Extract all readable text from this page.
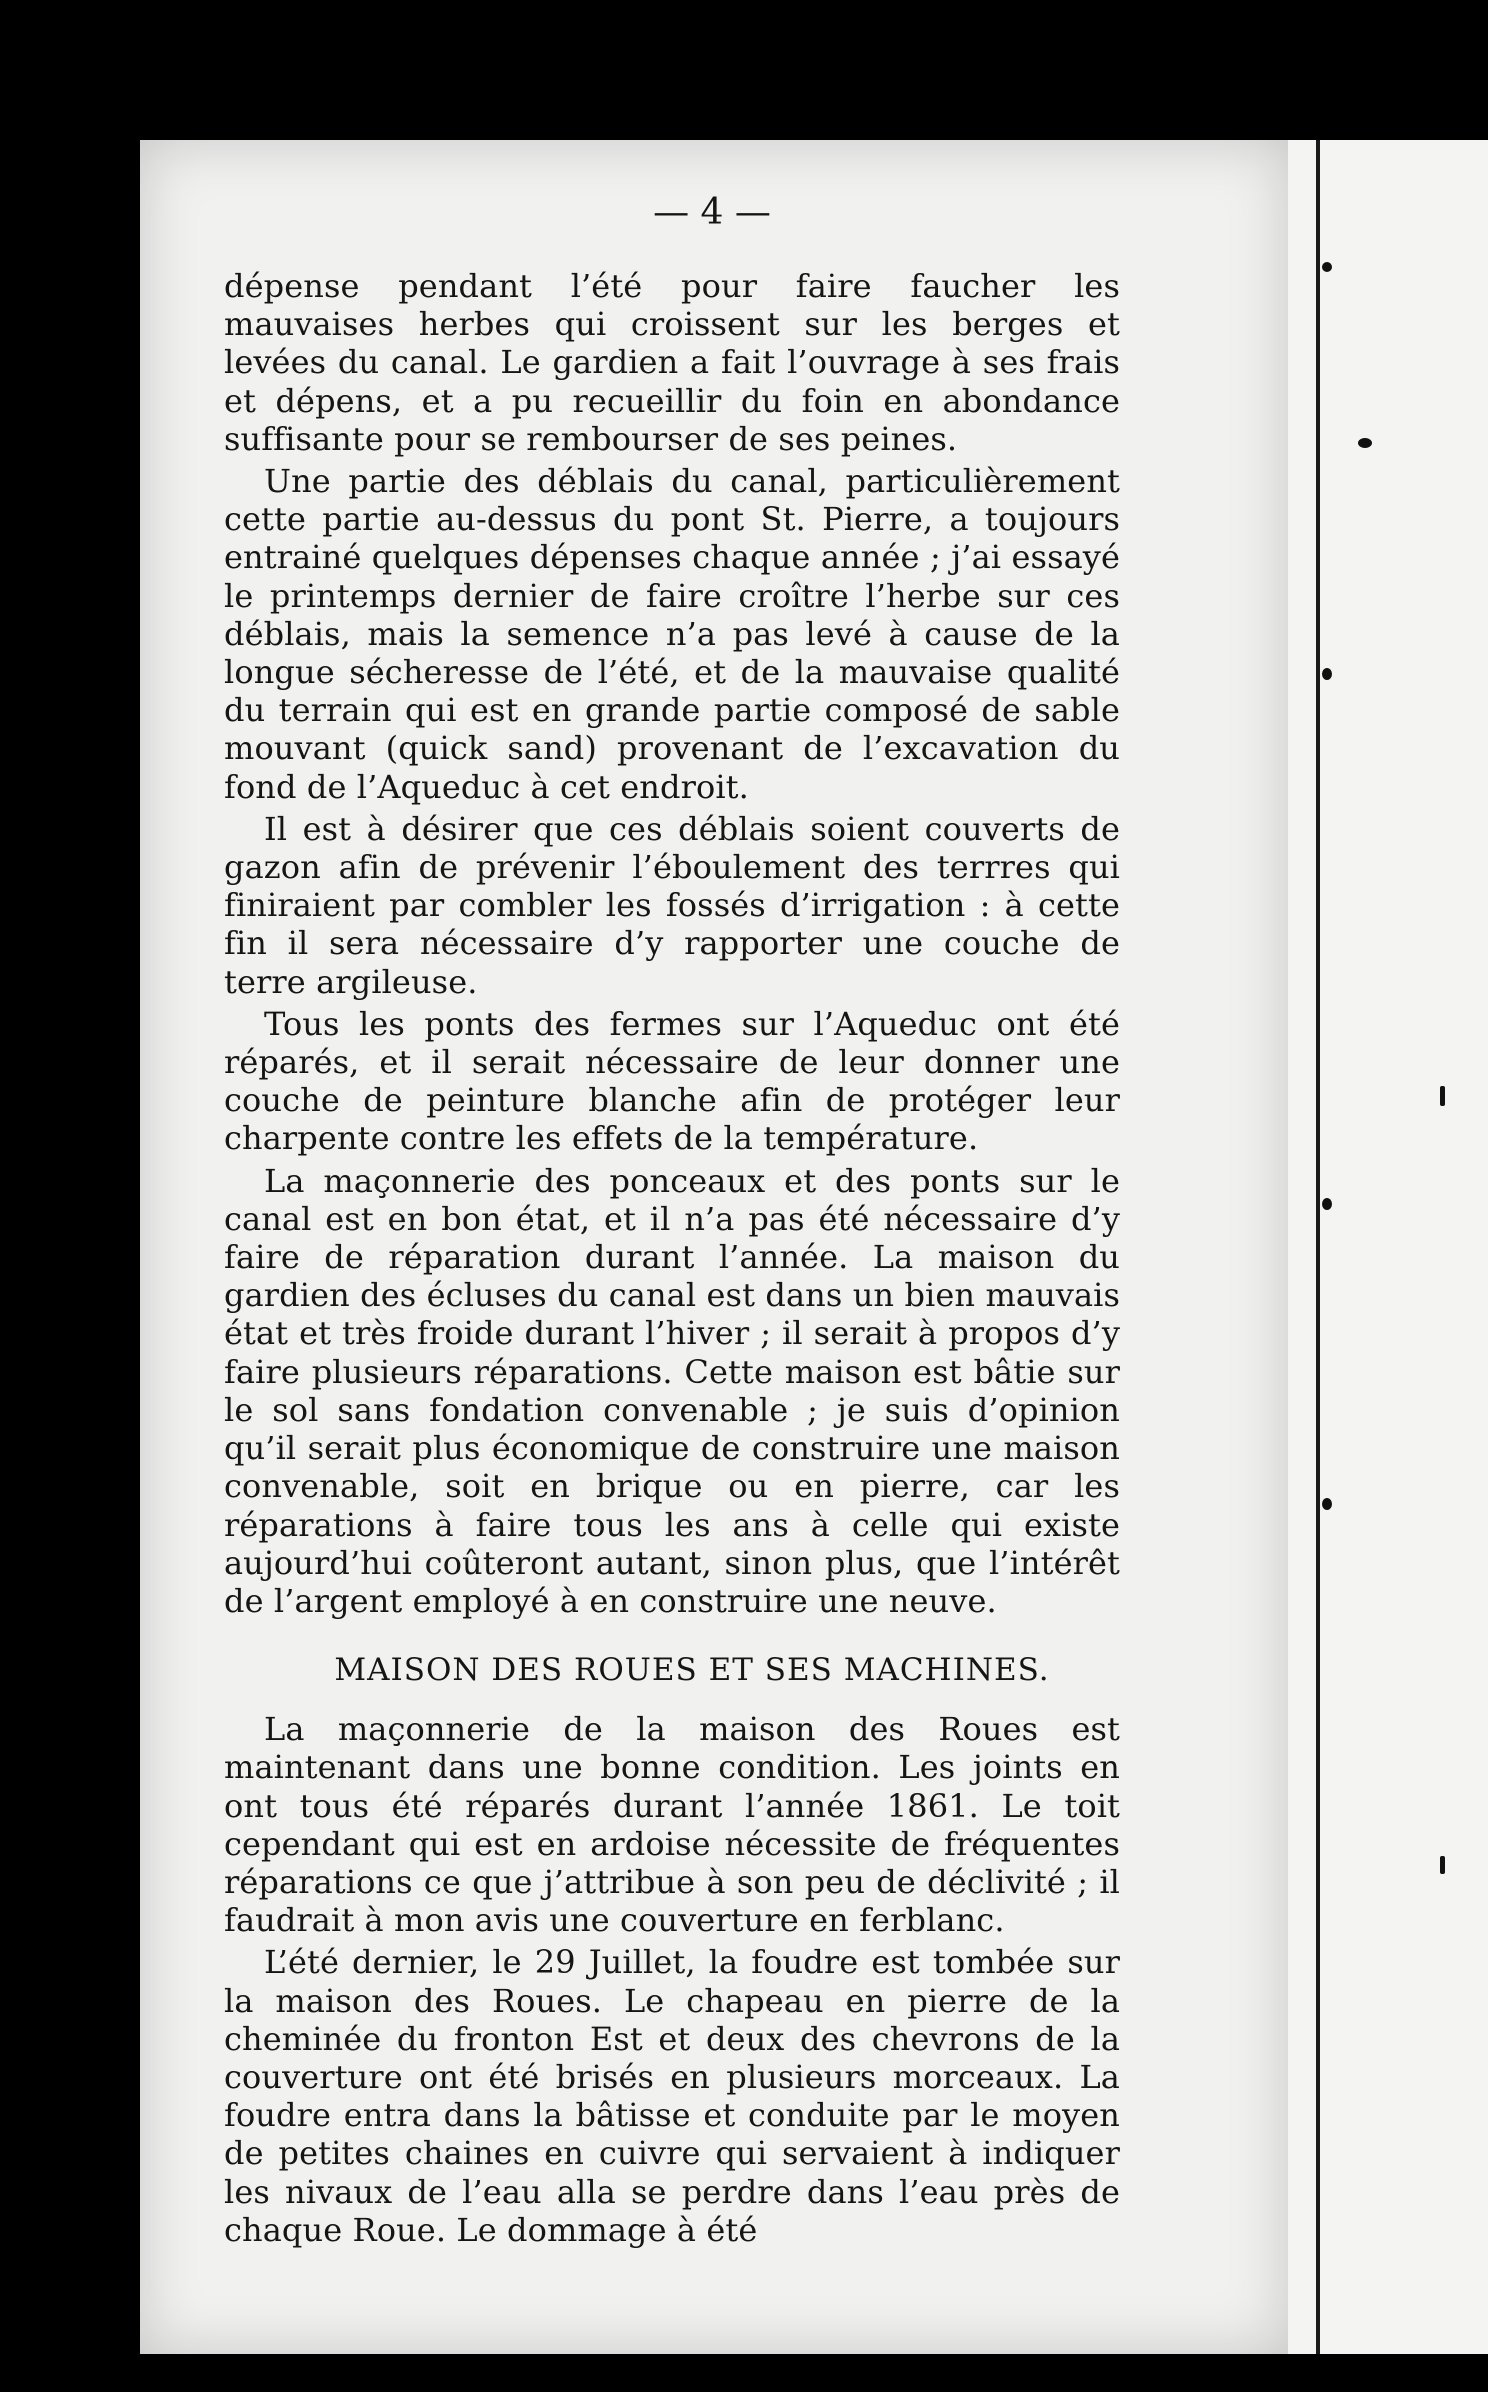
— 4 —

dépense pendant l’été pour faire faucher les mauvaises herbes qui croissent sur les berges et levées du canal. Le gardien a fait l’ouvrage à ses frais et dépens, et a pu recueillir du foin en abondance suffisante pour se rembourser de ses peines.

Une partie des déblais du canal, particulièrement cette partie au-dessus du pont St. Pierre, a toujours entrainé quelques dépenses chaque année ; j’ai essayé le printemps dernier de faire croître l’herbe sur ces déblais, mais la semence n’a pas levé à cause de la longue sécheresse de l’été, et de la mauvaise qualité du terrain qui est en grande partie composé de sable mouvant (quick sand) provenant de l’excavation du fond de l’Aqueduc à cet endroit.

Il est à désirer que ces déblais soient couverts de gazon afin de prévenir l’éboulement des terrres qui finiraient par combler les fossés d’irrigation : à cette fin il sera nécessaire d’y rapporter une couche de terre argileuse.

Tous les ponts des fermes sur l’Aqueduc ont été réparés, et il serait nécessaire de leur donner une couche de peinture blanche afin de protéger leur charpente contre les effets de la température.

La maçonnerie des ponceaux et des ponts sur le canal est en bon état, et il n’a pas été nécessaire d’y faire de réparation durant l’année. La maison du gardien des écluses du canal est dans un bien mauvais état et très froide durant l’hiver ; il serait à propos d’y faire plusieurs réparations. Cette maison est bâtie sur le sol sans fondation convenable ; je suis d’opinion qu’il serait plus économique de construire une maison convenable, soit en brique ou en pierre, car les réparations à faire tous les ans à celle qui existe aujourd’hui coûteront autant, sinon plus, que l’intérêt de l’argent employé à en construire une neuve.

MAISON DES ROUES ET SES MACHINES.

La maçonnerie de la maison des Roues est maintenant dans une bonne condition. Les joints en ont tous été réparés durant l’année 1861. Le toit cependant qui est en ardoise nécessite de fréquentes réparations ce que j’attribue à son peu de déclivité ; il faudrait à mon avis une couverture en ferblanc.

L’été dernier, le 29 Juillet, la foudre est tombée sur la maison des Roues. Le chapeau en pierre de la cheminée du fronton Est et deux des chevrons de la couverture ont été brisés en plusieurs morceaux. La foudre entra dans la bâtisse et conduite par le moyen de petites chaines en cuivre qui servaient à indiquer les nivaux de l’eau alla se perdre dans l’eau près de chaque Roue. Le dommage à été
